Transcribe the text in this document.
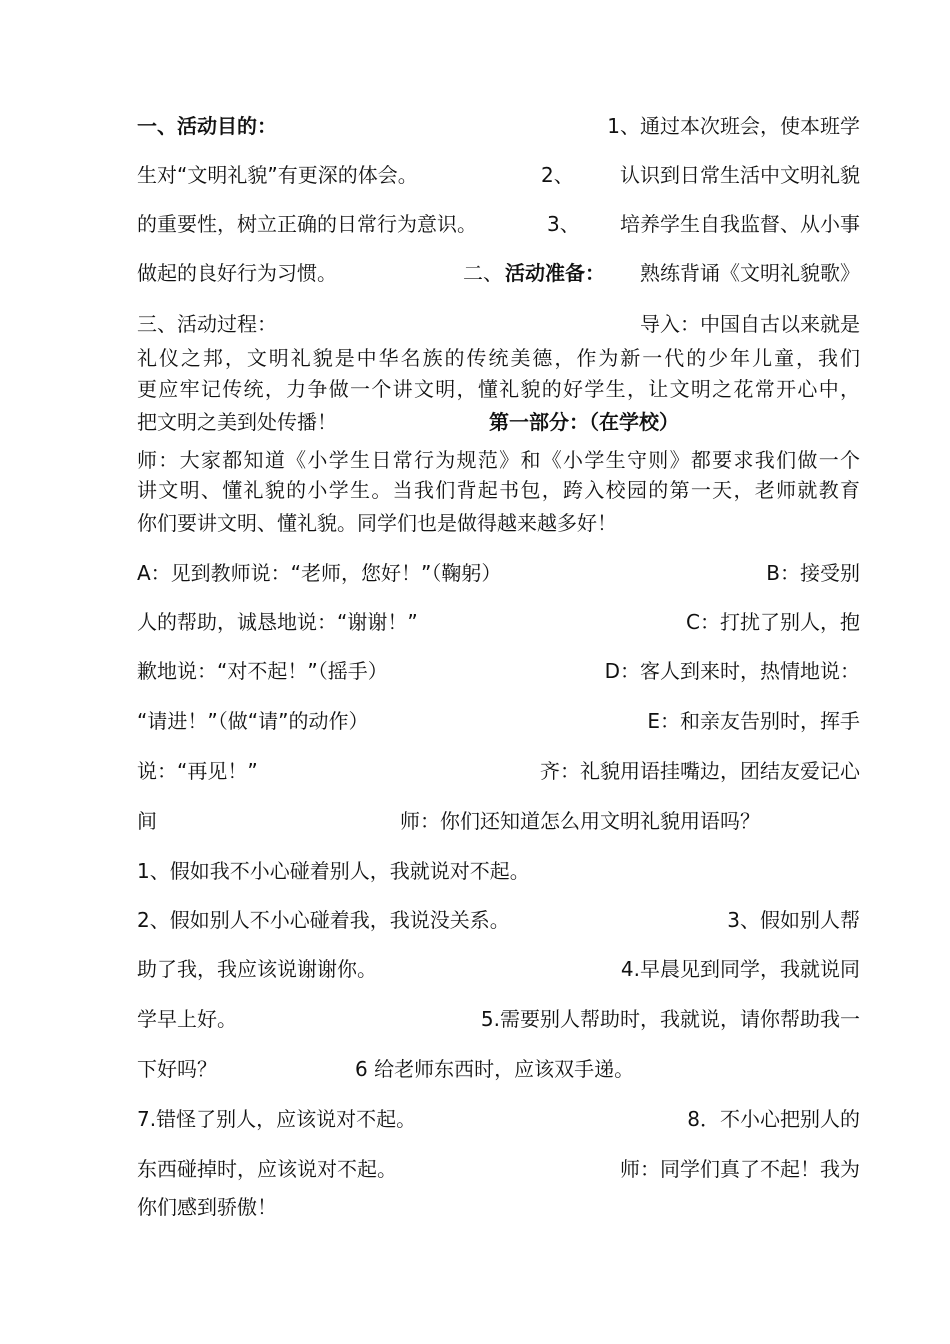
一、活动目的：	1、通过本次班会，使本班学
生对“文明礼貌”有更深的体会。	2、 认识到日常生活中文明礼貌
的重要性，树立正确的日常行为意识。	3、 培养学生自我监督、从小事
做起的良好行为习惯。	二、 活动准备： 熟练背诵《文明礼貌歌》
三、活动过程：	导入：中国自古以来就是
礼仪之邦，文明礼貌是中华名族的传统美德，作为新一代的少年儿童，我们
更应牢记传统，力争做一个讲文明，懂礼貌的好学生，让文明之花常开心中，
把文明之美到处传播！	第一部分：（在学校）
师：大家都知道《小学生日常行为规范》和《小学生守则》都要求我们做一个
讲文明、懂礼貌的小学生。当我们背起书包，跨入校园的第一天，老师就教育
你们要讲文明、懂礼貌。同学们也是做得越来越多好！
A：见到教师说：“老师，您好！”（鞠躬）	B：接受别
人的帮助，诚恳地说：“谢谢！”	C：打扰了别人，抱
歉地说：“对不起！”（摇手）	D：客人到来时，热情地说：
“请进！”（做“请”的动作）	E：和亲友告别时，挥手
说：“再见！”	齐：礼貌用语挂嘴边，团结友爱记心
间	师：你们还知道怎么用文明礼貌用语吗？
1、假如我不小心碰着别人，我就说对不起。
2、假如别人不小心碰着我，我说没关系。	3、假如别人帮
助了我，我应该说谢谢你。	4.早晨见到同学，我就说同
学早上好。	5.需要别人帮助时，我就说，请你帮助我一
下好吗？	6 给老师东西时，应该双手递。
7.错怪了别人，应该说对不起。	8．不小心把别人的
东西碰掉时，应该说对不起。	师：同学们真了不起！我为
你们感到骄傲！
